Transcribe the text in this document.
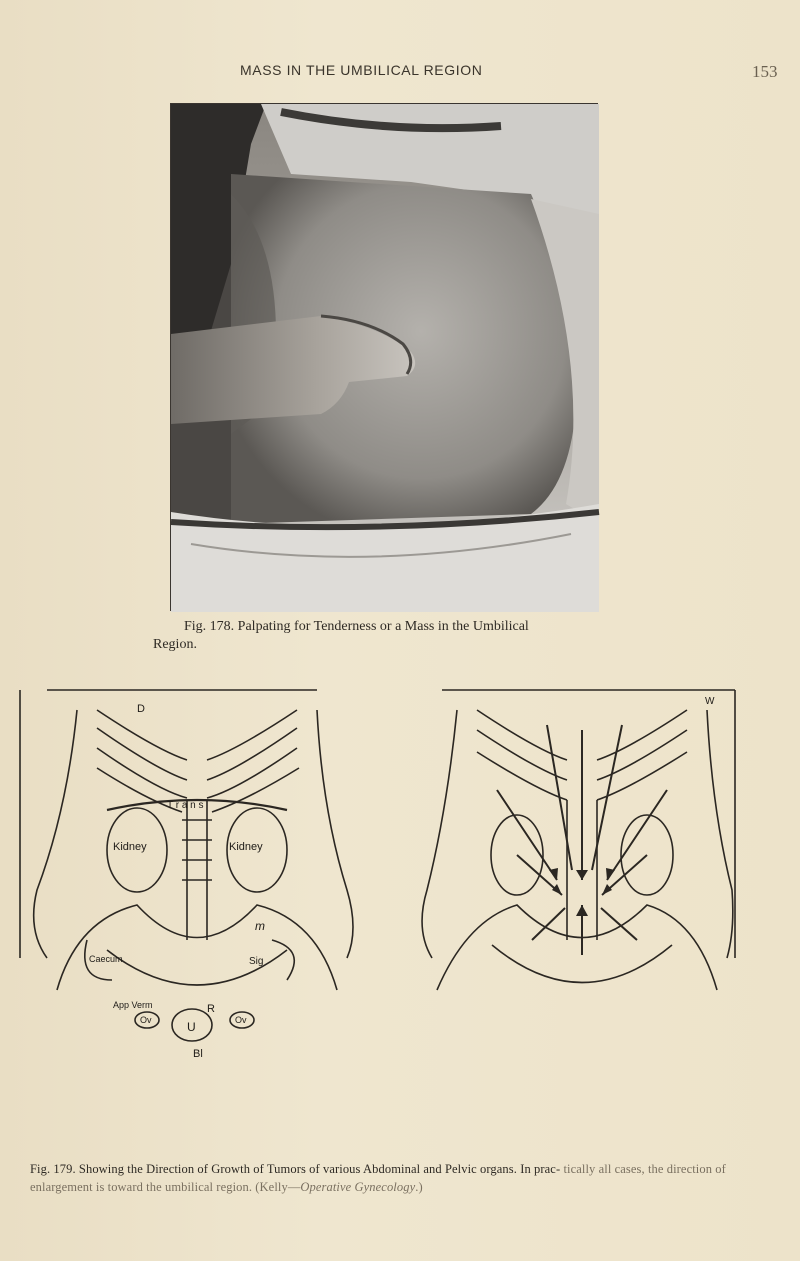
MASS IN THE UMBILICAL REGION	153
Fig. 178. Palpating for Tenderness or a Mass in the Umbilical
Region.
Kidney	Kidney
Caecum
App Verm
Sig
U
Bl
R
Ov	Ov
T r a n s
m
D
W
Fig. 179. Showing the Direction of Growth of Tumors of various Abdominal and Pelvic organs. In prac- tically all cases, the direction of enlargement is toward the umbilical region. (Kelly—Operative Gynecology.)
